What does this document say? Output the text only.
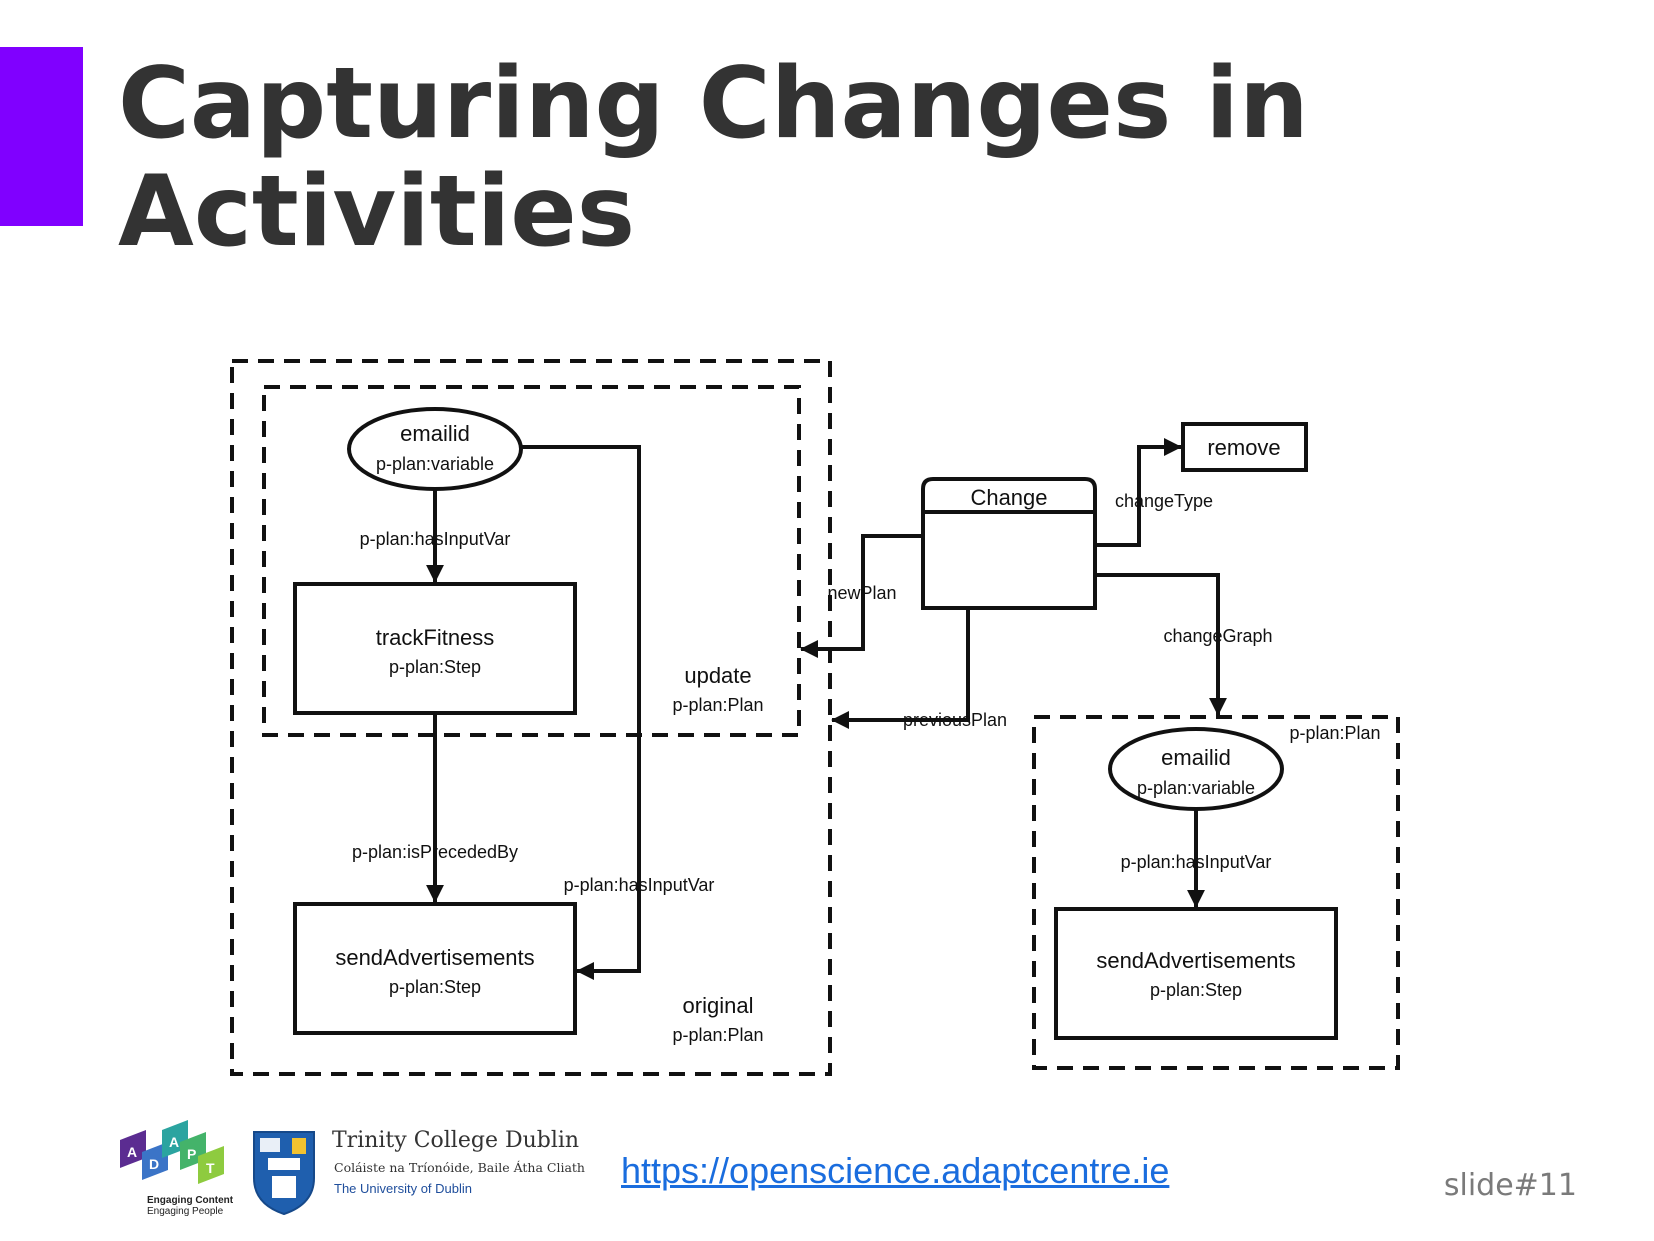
Capturing Changes in
Activities
emailid
p-plan:variable
trackFitness
p-plan:Step
sendAdvertisements
p-plan:Step
update
p-plan:Plan
original
p-plan:Plan
p-plan:Plan
p-plan:hasInputVar
p-plan:isPrecededBy
p-plan:hasInputVar
Change
remove
newPlan
previousPlan
changeType
changeGraph
emailid
p-plan:variable
p-plan:hasInputVar
sendAdvertisements
p-plan:Step
A
D
A
P
T
Engaging Content
Engaging People
Trinity College Dublin
Coláiste na Tríonóide, Baile Átha Cliath
The University of Dublin	https://openscience.adaptcentre.ie	slide#11
